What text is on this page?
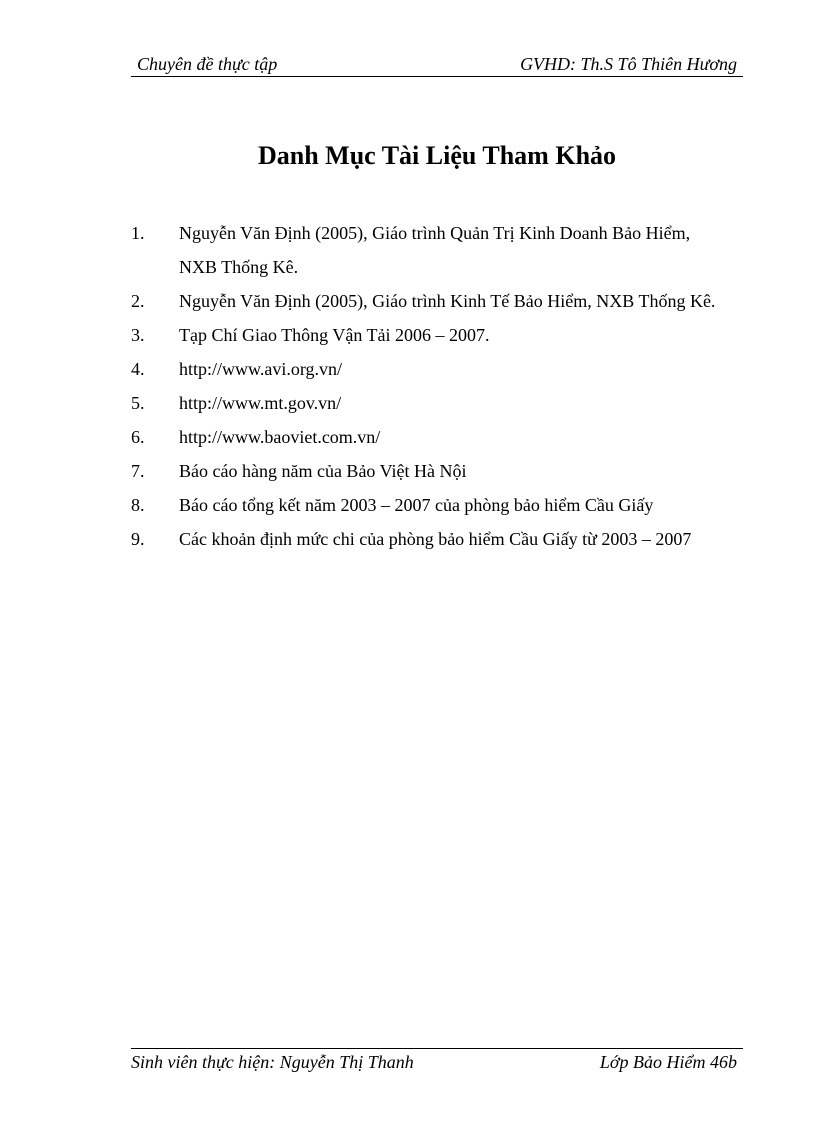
Chuyên đề thực tập	GVHD: Th.S Tô Thiên Hương
Danh Mục Tài Liệu Tham Khảo
1. Nguyễn Văn Định (2005), Giáo trình Quản Trị Kinh Doanh Bảo Hiểm, NXB Thống Kê.
2. Nguyễn Văn Định (2005), Giáo trình Kinh Tế Bảo Hiểm, NXB Thống Kê.
3. Tạp Chí Giao Thông Vận Tải 2006 – 2007.
4. http://www.avi.org.vn/
5. http://www.mt.gov.vn/
6. http://www.baoviet.com.vn/
7. Báo cáo hàng năm của Bảo Việt Hà Nội
8. Báo cáo tổng kết năm 2003 – 2007 của phòng bảo hiểm Cầu Giấy
9. Các khoản định mức chi của phòng bảo hiểm Cầu Giấy từ 2003 – 2007
Sinh viên thực hiện: Nguyễn Thị Thanh	Lớp Bảo Hiểm 46b
